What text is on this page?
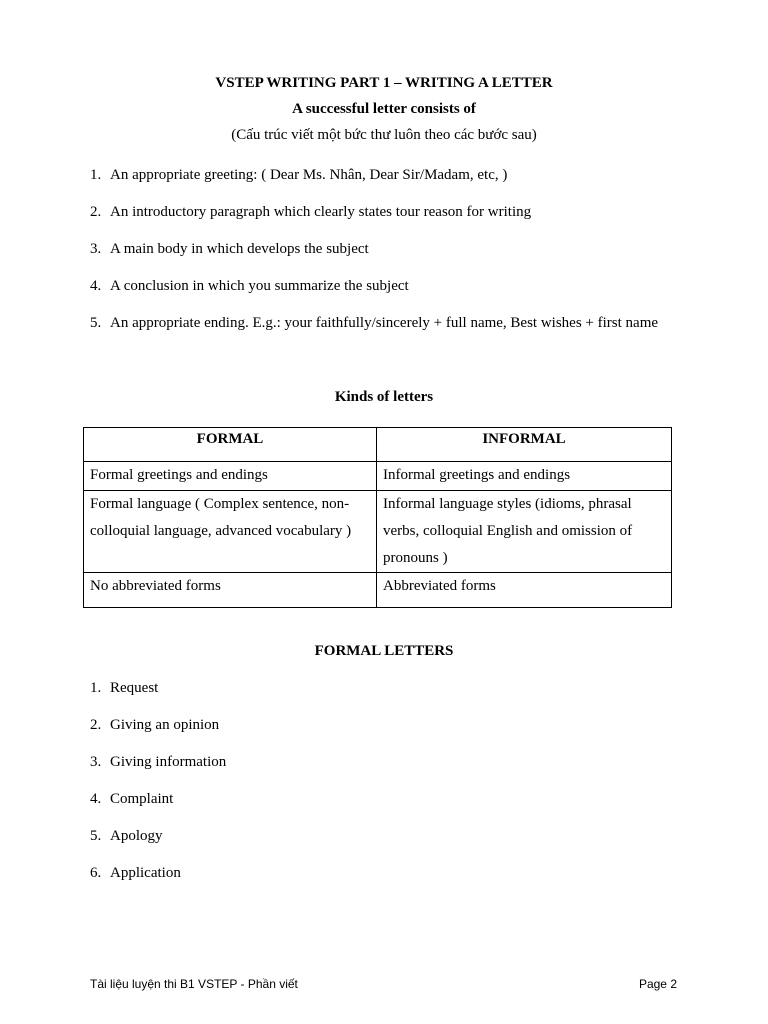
VSTEP WRITING PART 1 – WRITING A LETTER
A successful letter consists of
(Cấu trúc viết một bức thư luôn theo các bước sau)
1. An appropriate greeting: ( Dear Ms. Nhân, Dear Sir/Madam, etc, )
2. An introductory paragraph which clearly states tour reason for writing
3. A main body in which develops the subject
4. A conclusion in which you summarize the subject
5. An appropriate ending. E.g.: your faithfully/sincerely + full name, Best wishes + first name
Kinds of letters
FORMAL	INFORMAL
Formal greetings and endings	Informal greetings and endings
Formal language ( Complex sentence, non-colloquial language, advanced vocabulary )	Informal language styles (idioms, phrasal verbs, colloquial English and omission of pronouns )
No abbreviated forms	Abbreviated forms
FORMAL LETTERS
1. Request
2. Giving an opinion
3. Giving information
4. Complaint
5. Apology
6. Application
Tài liệu luyện thi B1 VSTEP - Phần viết	Page 2
